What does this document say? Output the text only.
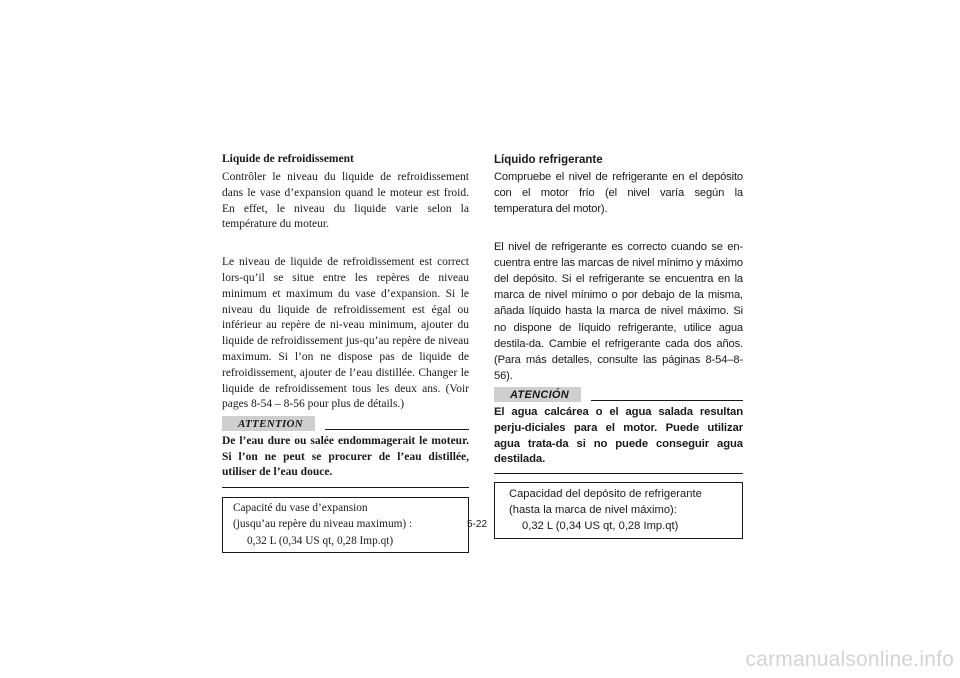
Liquide de refroidissement

Contrôler le niveau du liquide de refroidissement dans le vase d’expansion quand le moteur est froid. En effet, le niveau du liquide varie selon la température du moteur.

Le niveau de liquide de refroidissement est correct lors-qu’il se situe entre les repères de niveau minimum et maximum du vase d’expansion. Si le niveau du liquide de refroidissement est égal ou inférieur au repère de ni-veau minimum, ajouter du liquide de refroidissement jus-qu’au repère de niveau maximum. Si l’on ne dispose pas de liquide de refroidissement, ajouter de l’eau distillée. Changer le liquide de refroidissement tous les deux ans. (Voir pages 8-54 – 8-56 pour plus de détails.)

ATTENTION

De l’eau dure ou salée endommagerait le moteur. Si l’on ne peut se procurer de l’eau distillée, utiliser de l’eau douce.

Capacité du vase d’expansion
(jusqu’au repère du niveau maximum) :
0,32 L (0,34 US qt, 0,28 Imp.qt)

Líquido refrigerante

Compruebe el nivel de refrigerante en el depósito con el motor frío (el nivel varía según la temperatura del motor).

El nivel de refrigerante es correcto cuando se en-cuentra entre las marcas de nivel mínimo y máximo del depósito. Si el refrigerante se encuentra en la marca de nivel mínimo o por debajo de la misma, añada líquido hasta la marca de nivel máximo. Si no dispone de líquido refrigerante, utilice agua destila-da. Cambie el refrigerante cada dos años. (Para más detalles, consulte las páginas 8-54–8-56).

ATENCIÓN

El agua calcárea o el agua salada resultan perju-diciales para el motor. Puede utilizar agua trata-da si no puede conseguir agua destilada.

Capacidad del depósito de refrigerante
(hasta la marca de nivel máximo):
0,32 L (0,34 US qt, 0,28 Imp.qt)
5-22
carmanualsonline.info
